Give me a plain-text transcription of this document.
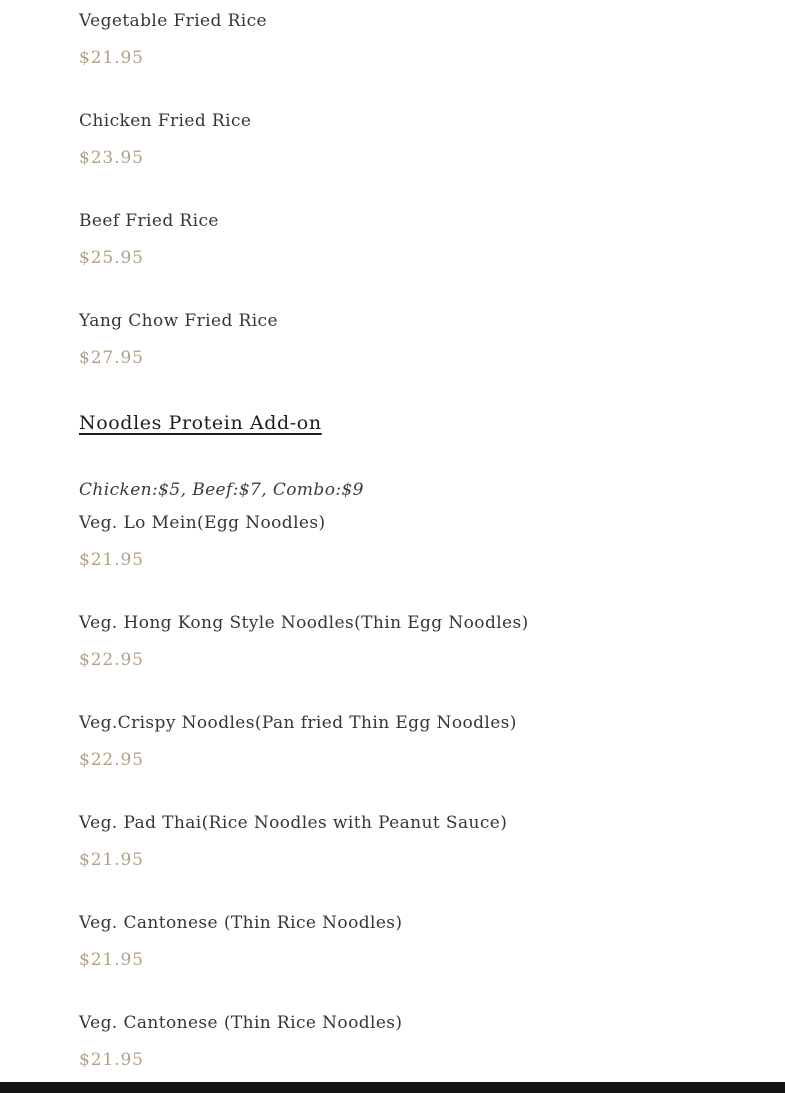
Vegetable Fried Rice

$21.95

Chicken Fried Rice

$23.95

Beef Fried Rice

$25.95

Yang Chow Fried Rice

$27.95

Noodles Protein Add-on

Chicken:$5, Beef:$7, Combo:$9

Veg. Lo Mein(Egg Noodles)

$21.95

Veg. Hong Kong Style Noodles(Thin Egg Noodles)

$22.95

Veg.Crispy Noodles(Pan fried Thin Egg Noodles)

$22.95

Veg. Pad Thai(Rice Noodles with Peanut Sauce)

$21.95

Veg. Cantonese (Thin Rice Noodles)

$21.95

Veg. Cantonese (Thin Rice Noodles)

$21.95
